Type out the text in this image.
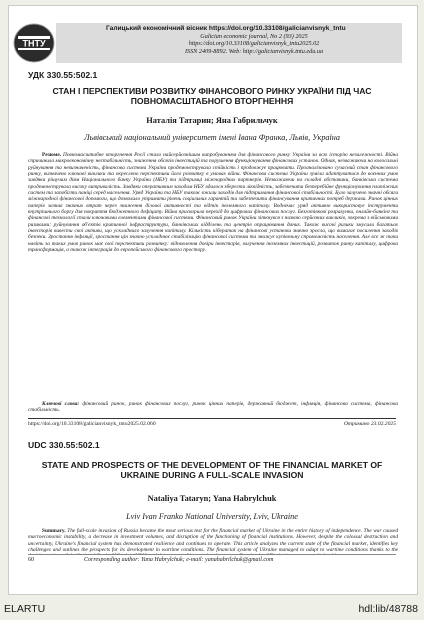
ТНТУ
Галицький економічний вісник https://doi.org/10.33108/galicianvisnyk_tntu
Galician economic journal, No 2 (93) 2025
https://doi.org/10.33108/galicianvisnyk_tntu2025.02
ISSN 2409-8892. Web: http://galicianvisnyk.tntu.edu.ua
УДК 330.55:502.1
СТАН І ПЕРСПЕКТИВИ РОЗВИТКУ ФІНАНСОВОГО РИНКУ УКРАЇНИ ПІД ЧАС ПОВНОМАСШТАБНОГО ВТОРГНЕННЯ
Наталія Татарин; Яна Габрильчук
Львівський національний університет імені Івана Франка, Львів, Україна
Резюме. Повномасштабне вторгнення Росії стало найсерйознішим випробуванням для фінансового ринку України за всю історію незалежності. Війна спричинила макроекономічну нестабільність, зниження обсягів інвестицій та порушення функціонування фінансових установ. Однак, незважаючи на колосальні руйнування та невизначеність, фінансова система України продемонструвала стійкість і продовжує працювати. Проаналізовано сучасний стан фінансового ринку, визначено ключові виклики та окреслено перспективи його розвитку в умовах війни. Фінансова система України зуміла адаптуватися до воєнних умов завдяки рішучим діям Національного банку України (НБУ) та підтримці міжнародних партнерів. Незважаючи на складні обставини, банківська система продемонструвала високу витривалість. Завдяки оперативним заходам НБУ вдалося зберегти ліквідність, забезпечити безперебійне функціонування платіжних систем та запобігти паніці серед населення. Уряд України та НБУ також вжили заходів для підтримання фінансової стабільності. Було залучено значні обсяги міжнародної фінансової допомоги, що дозволило утримати рівень соціальних гарантій та забезпечити фінансування критичних потреб держави. Ринок цінних паперів зазнав значних втрат через зниження ділової активності та відтік іноземного капіталу. Водночас уряд активно використовує інструменти внутрішнього боргу для покриття бюджетного дефіциту. Війна прискорила перехід до цифрових фінансових послуг. Безготівкові розрахунки, онлайн-банкінг та фінансові технології стали ключовими елементами фінансової системи. Фінансовий ринок України зіткнувся з низкою серйозних викликів, зокрема з військовими ризиками: руйнування об'єктів критичної інфраструктури, банківських відділень та центрів опрацювання даних. Також високі ризики змусили багатьох інвесторів вивести свої активи, що ускладнило залучення капіталу. Кількість кібератак на фінансові установи значно зросла, що вимагає посилення заходів безпеки. Зростання інфляції, зростання цін значно ускладнює стабілізацію фінансової системи та знижує купівельну спроможність населення. Але все ж таки навіть за таких умов ринок має свої перспективи розвитку: відновлення довіри інвесторів, залучення іноземних інвестицій, розвиток ринку капіталу, цифрова трансформація, а також інтеграція до європейського фінансового простору.
Ключові слова: фінансовий ринок, ринок фінансових послуг, ринок цінних паперів, державний бюджет, інфляція, фінансова система, фінансова стабільність.
https://doi.org/10.33108/galicianvisnyk_tntu2025.02.060	Отримано 23.02.2025
UDC 330.55:502.1
STATE AND PROSPECTS OF THE DEVELOPMENT OF THE FINANCIAL MARKET OF UKRAINE DURING A FULL-SCALE INVASION
Nataliya Tataryn; Yana Habrylchuk
Lviv Ivan Franko National University, Lviv, Ukraine
Summary. The full-scale invasion of Russia became the most serious test for the financial market of Ukraine in the entire history of independence. The war caused macroeconomic instability, a decrease in investment volumes, and disruption of the functioning of financial institutions. However, despite the colossal destruction and uncertainty, Ukraine's financial system has demonstrated resilience and continues to operate. This article analyzes the current state of the financial market, identifies key challenges and outlines the prospects for its development in wartime conditions. The financial system of Ukraine managed to adapt to wartime conditions thanks to the
60	Corresponding author: Yana Habrylchuk; e-mail: yanahabrilchuk@gmail.com
ELARTU	hdl:lib/48788
